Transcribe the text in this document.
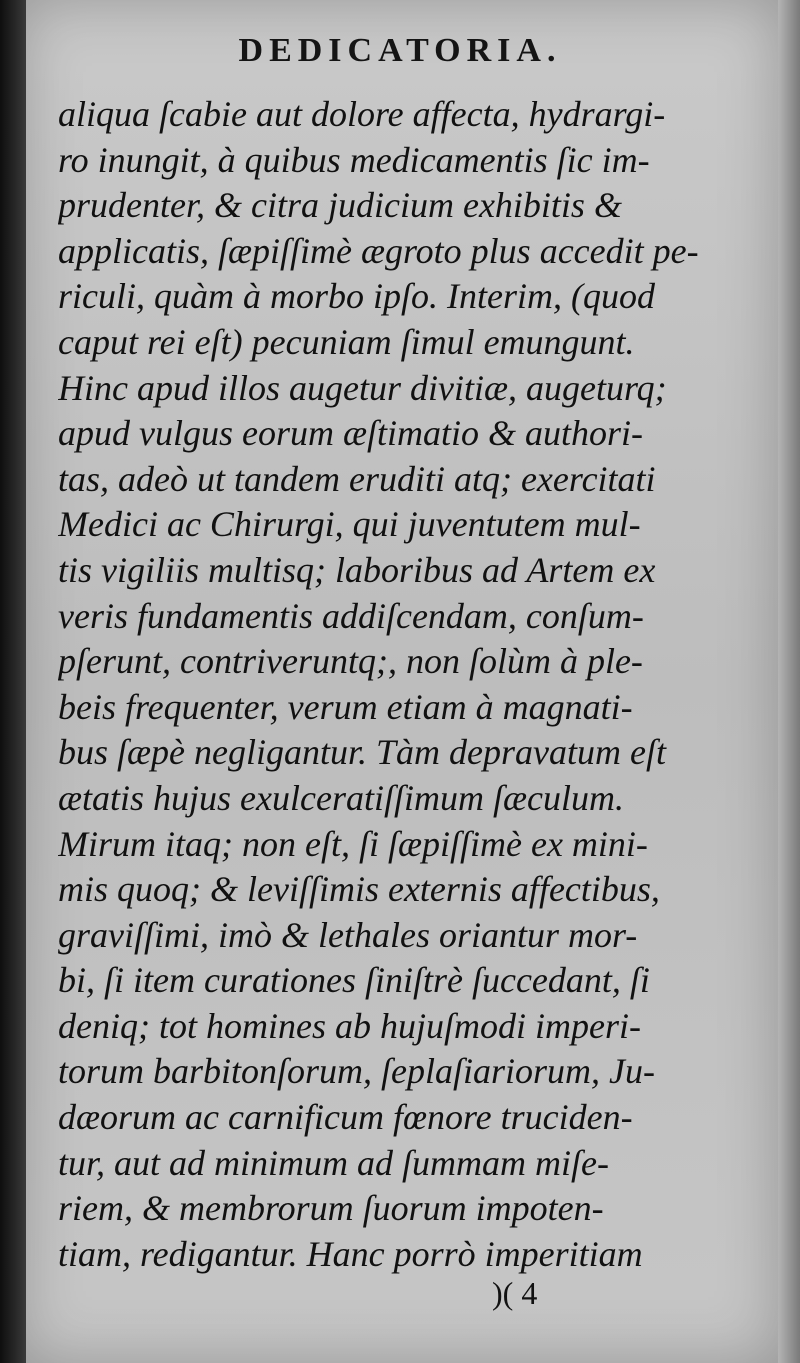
DEDICATORIA.
aliqua ſcabie aut dolore affecta, hydrargi-
ro inungit, à quibus medicamentis ſic im-
prudenter, & citra judicium exhibitis &
applicatis, ſæpiſſimè ægroto plus accedit pe-
riculi, quàm à morbo ipſo. Interim, (quod
caput rei eſt) pecuniam ſimul emungunt.
Hinc apud illos augetur divitiæ, augeturq;
apud vulgus eorum æſtimatio & authori-
tas, adeò ut tandem eruditi atq; exercitati
Medici ac Chirurgi, qui juventutem mul-
tis vigiliis multisq; laboribus ad Artem ex
veris fundamentis addiſcendam, conſum-
pſerunt, contriveruntq;, non ſolùm à ple-
beis frequenter, verum etiam à magnati-
bus ſæpè negligantur. Tàm depravatum eſt
ætatis hujus exulceratiſſimum ſæculum.
Mirum itaq; non eſt, ſi ſæpiſſimè ex mini-
mis quoq; & leviſſimis externis affectibus,
graviſſimi, imò & lethales oriantur mor-
bi, ſi item curationes ſiniſtrè ſuccedant, ſi
deniq; tot homines ab hujuſmodi imperi-
torum barbitonſorum, ſeplaſiariorum, Ju-
dæorum ac carnificum fœnore truciden-
tur, aut ad minimum ad ſummam miſe-
riem, & membrorum ſuorum impoten-
tiam, redigantur. Hanc porrò imperitiam
)( 4
